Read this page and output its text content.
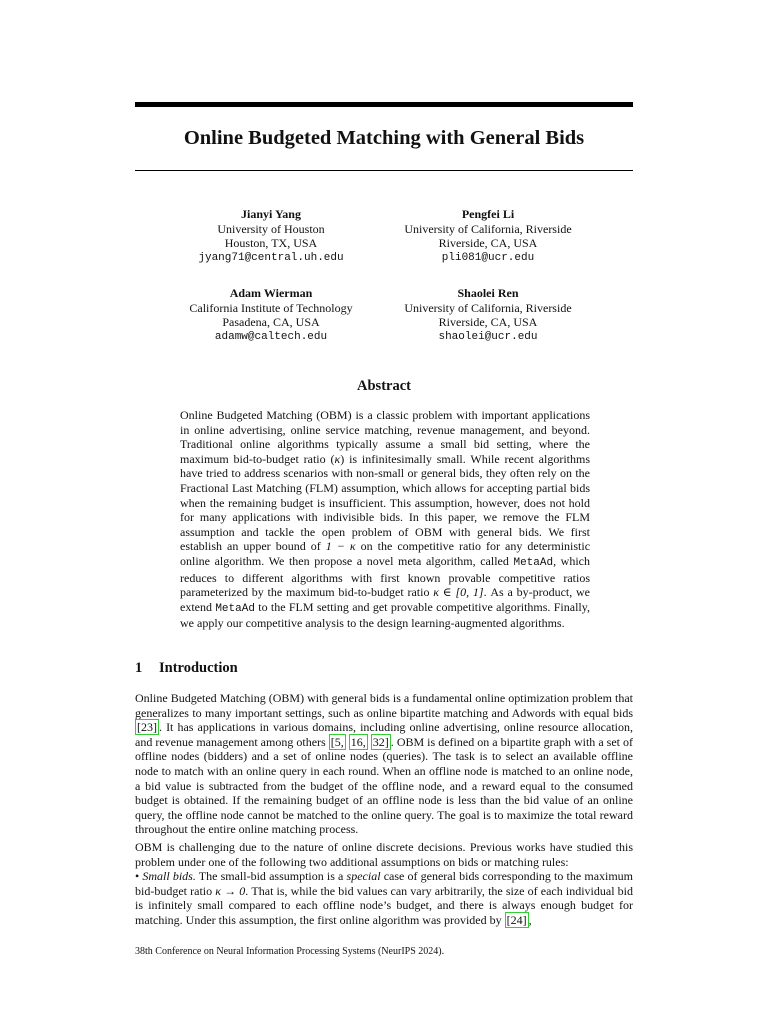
Online Budgeted Matching with General Bids
Jianyi Yang
University of Houston
Houston, TX, USA
jyang71@central.uh.edu
Pengfei Li
University of California, Riverside
Riverside, CA, USA
pli081@ucr.edu
Adam Wierman
California Institute of Technology
Pasadena, CA, USA
adamw@caltech.edu
Shaolei Ren
University of California, Riverside
Riverside, CA, USA
shaolei@ucr.edu
Abstract
Online Budgeted Matching (OBM) is a classic problem with important applications in online advertising, online service matching, revenue management, and beyond. Traditional online algorithms typically assume a small bid setting, where the maximum bid-to-budget ratio (κ) is infinitesimally small. While recent algorithms have tried to address scenarios with non-small or general bids, they often rely on the Fractional Last Matching (FLM) assumption, which allows for accepting partial bids when the remaining budget is insufficient. This assumption, however, does not hold for many applications with indivisible bids. In this paper, we remove the FLM assumption and tackle the open problem of OBM with general bids. We first establish an upper bound of 1 − κ on the competitive ratio for any deterministic online algorithm. We then propose a novel meta algorithm, called MetaAd, which reduces to different algorithms with first known provable competitive ratios parameterized by the maximum bid-to-budget ratio κ ∈ [0, 1]. As a by-product, we extend MetaAd to the FLM setting and get provable competitive algorithms. Finally, we apply our competitive analysis to the design learning-augmented algorithms.
1 Introduction
Online Budgeted Matching (OBM) with general bids is a fundamental online optimization problem that generalizes to many important settings, such as online bipartite matching and Adwords with equal bids [23] . It has applications in various domains, including online advertising, online resource allocation, and revenue management among others [5, 16, 32] . OBM is defined on a bipartite graph with a set of offline nodes (bidders) and a set of online nodes (queries). The task is to select an available offline node to match with an online query in each round. When an offline node is matched to an online node, a bid value is subtracted from the budget of the offline node, and a reward equal to the consumed budget is obtained. If the remaining budget of an offline node is less than the bid value of an online query, the offline node cannot be matched to the online query. The goal is to maximize the total reward throughout the entire online matching process.
OBM is challenging due to the nature of online discrete decisions. Previous works have studied this problem under one of the following two additional assumptions on bids or matching rules:
• Small bids. The small-bid assumption is a special case of general bids corresponding to the maximum bid-budget ratio κ → 0. That is, while the bid values can vary arbitrarily, the size of each individual bid is infinitely small compared to each offline node’s budget, and there is always enough budget for matching. Under this assumption, the first online algorithm was provided by [24] ,
38th Conference on Neural Information Processing Systems (NeurIPS 2024).
